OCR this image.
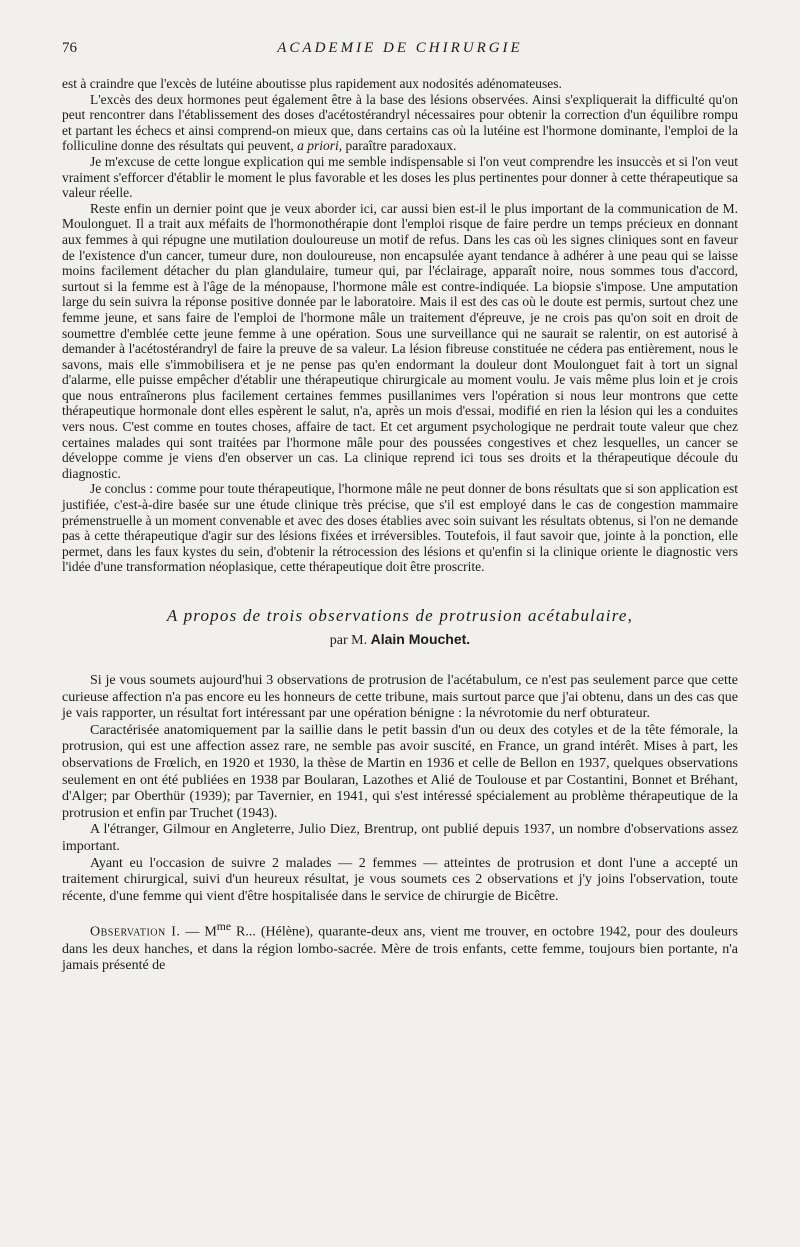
76	ACADEMIE DE CHIRURGIE

est à craindre que l'excès de lutéine aboutisse plus rapidement aux nodosités adénomateuses.

L'excès des deux hormones peut également être à la base des lésions observées. Ainsi s'expliquerait la difficulté qu'on peut rencontrer dans l'établissement des doses d'acétostérandryl nécessaires pour obtenir la correction d'un équilibre rompu et partant les échecs et ainsi comprend-on mieux que, dans certains cas où la lutéine est l'hormone dominante, l'emploi de la folliculine donne des résultats qui peuvent, a priori, paraître paradoxaux.

Je m'excuse de cette longue explication qui me semble indispensable si l'on veut comprendre les insuccès et si l'on veut vraiment s'efforcer d'établir le moment le plus favorable et les doses les plus pertinentes pour donner à cette thérapeutique sa valeur réelle.

Reste enfin un dernier point que je veux aborder ici, car aussi bien est-il le plus important de la communication de M. Moulonguet. Il a trait aux méfaits de l'hormonothérapie dont l'emploi risque de faire perdre un temps précieux en donnant aux femmes à qui répugne une mutilation douloureuse un motif de refus. Dans les cas où les signes cliniques sont en faveur de l'existence d'un cancer, tumeur dure, non douloureuse, non encapsulée ayant tendance à adhérer à une peau qui se laisse moins facilement détacher du plan glandulaire, tumeur qui, par l'éclairage, apparaît noire, nous sommes tous d'accord, surtout si la femme est à l'âge de la ménopause, l'hormone mâle est contre-indiquée. La biopsie s'impose. Une amputation large du sein suivra la réponse positive donnée par le laboratoire. Mais il est des cas où le doute est permis, surtout chez une femme jeune, et sans faire de l'emploi de l'hormone mâle un traitement d'épreuve, je ne crois pas qu'on soit en droit de soumettre d'emblée cette jeune femme à une opération. Sous une surveillance qui ne saurait se ralentir, on est autorisé à demander à l'acétostérandryl de faire la preuve de sa valeur. La lésion fibreuse constituée ne cédera pas entièrement, nous le savons, mais elle s'immobilisera et je ne pense pas qu'en endormant la douleur dont Moulonguet fait à tort un signal d'alarme, elle puisse empêcher d'établir une thérapeutique chirurgicale au moment voulu. Je vais même plus loin et je crois que nous entraînerons plus facilement certaines femmes pusillanimes vers l'opération si nous leur montrons que cette thérapeutique hormonale dont elles espèrent le salut, n'a, après un mois d'essai, modifié en rien la lésion qui les a conduites vers nous. C'est comme en toutes choses, affaire de tact. Et cet argument psychologique ne perdrait toute valeur que chez certaines malades qui sont traitées par l'hormone mâle pour des poussées congestives et chez lesquelles, un cancer se développe comme je viens d'en observer un cas. La clinique reprend ici tous ses droits et la thérapeutique découle du diagnostic.

Je conclus : comme pour toute thérapeutique, l'hormone mâle ne peut donner de bons résultats que si son application est justifiée, c'est-à-dire basée sur une étude clinique très précise, que s'il est employé dans le cas de congestion mammaire prémenstruelle à un moment convenable et avec des doses établies avec soin suivant les résultats obtenus, si l'on ne demande pas à cette thérapeutique d'agir sur des lésions fixées et irréversibles. Toutefois, il faut savoir que, jointe à la ponction, elle permet, dans les faux kystes du sein, d'obtenir la rétrocession des lésions et qu'enfin si la clinique oriente le diagnostic vers l'idée d'une transformation néoplasique, cette thérapeutique doit être proscrite.

A propos de trois observations de protrusion acétabulaire,
par M. Alain Mouchet.

Si je vous soumets aujourd'hui 3 observations de protrusion de l'acétabulum, ce n'est pas seulement parce que cette curieuse affection n'a pas encore eu les honneurs de cette tribune, mais surtout parce que j'ai obtenu, dans un des cas que je vais rapporter, un résultat fort intéressant par une opération bénigne : la névrotomie du nerf obturateur.

Caractérisée anatomiquement par la saillie dans le petit bassin d'un ou deux des cotyles et de la tête fémorale, la protrusion, qui est une affection assez rare, ne semble pas avoir suscité, en France, un grand intérêt. Mises à part, les observations de Frœlich, en 1920 et 1930, la thèse de Martin en 1936 et celle de Bellon en 1937, quelques observations seulement en ont été publiées en 1938 par Boularan, Lazothes et Alié de Toulouse et par Costantini, Bonnet et Bréhant, d'Alger; par Oberthür (1939); par Tavernier, en 1941, qui s'est intéressé spécialement au problème thérapeutique de la protrusion et enfin par Truchet (1943).

A l'étranger, Gilmour en Angleterre, Julio Diez, Brentrup, ont publié depuis 1937, un nombre d'observations assez important.

Ayant eu l'occasion de suivre 2 malades — 2 femmes — atteintes de protrusion et dont l'une a accepté un traitement chirurgical, suivi d'un heureux résultat, je vous soumets ces 2 observations et j'y joins l'observation, toute récente, d'une femme qui vient d'être hospitalisée dans le service de chirurgie de Bicêtre.

Observation I. — $M^{me}$ R... (Hélène), quarante-deux ans, vient me trouver, en octobre 1942, pour des douleurs dans les deux hanches, et dans la région lombo-sacrée. Mère de trois enfants, cette femme, toujours bien portante, n'a jamais présenté de
